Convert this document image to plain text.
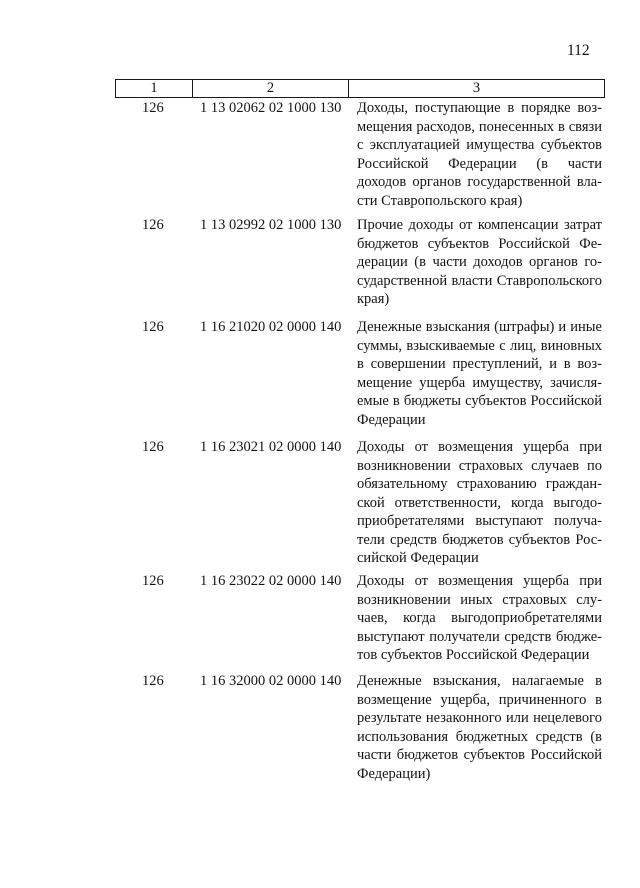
112
1	2	3
126	1 13 02062 02 1000 130 Доходы, поступающие в порядке возмещения расходов, понесенных в связи с эксплуатацией имущества субъектов Российской Федерации (в части доходов органов государственной власти Ставропольского края)
126	1 13 02992 02 1000 130 Прочие доходы от компенсации затрат бюджетов субъектов Российской Федерации (в части доходов органов государственной власти Ставропольского края)
126	1 16 21020 02 0000 140 Денежные взыскания (штрафы) и иные суммы, взыскиваемые с лиц, виновных в совершении преступлений, и в возмещение ущерба имуществу, зачисляемые в бюджеты субъектов Российской Федерации
126	1 16 23021 02 0000 140 Доходы от возмещения ущерба при возникновении страховых случаев по обязательному страхованию гражданской ответственности, когда выгодоприобретателями выступают получатели средств бюджетов субъектов Российской Федерации
126	1 16 23022 02 0000 140 Доходы от возмещения ущерба при возникновении иных страховых случаев, когда выгодоприобретателями выступают получатели средств бюджетов субъектов Российской Федерации
126	1 16 32000 02 0000 140 Денежные взыскания, налагаемые в возмещение ущерба, причиненного в результате незаконного или нецелевого использования бюджетных средств (в части бюджетов субъектов Российской Федерации)
